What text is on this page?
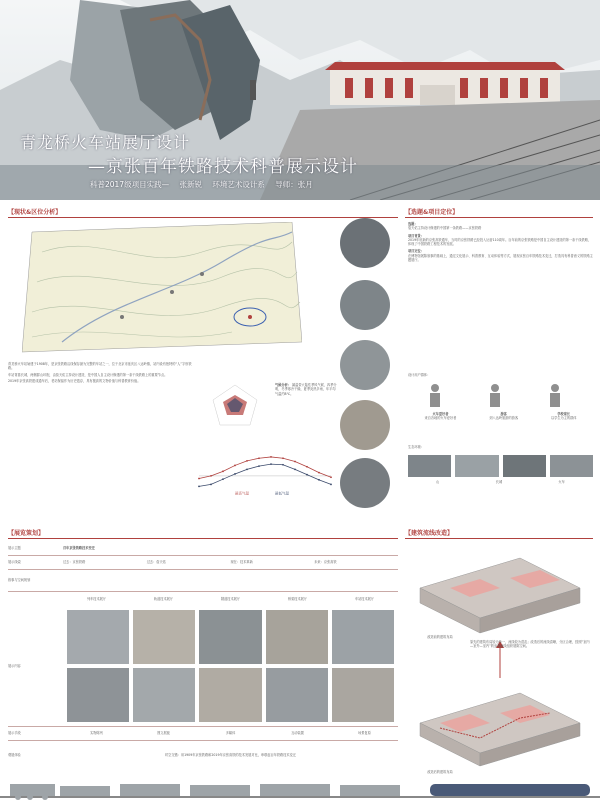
青龙桥火车站展厅设计
—京张百年铁路技术科普展示设计
科普2017级项目实践— 张新锐 环境艺术设计系 导师：张月
【现状&区位分析】	【选题&项目定位】

青龙桥火车站始建于1908年，是京张铁路沿线保存最为完整的车站之一，位于北京市延庆区八达岭镇，站内设有独特的“人”字形铁路。

车站背靠长城，两侧群山环抱，由詹天佑主持设计建造，是中国人自主设计修建的第一条干线铁路上的重要节点。

2019年京张高铁建成通车后，老站保留作为历史遗存，具有极高的文物价值与科普教育价值。

气候分析： 属温带大陆性季风气候，四季分明，冬季寒冷干燥，夏季炎热多雨，年平均气温约8℃。
最高气温	最低气温

选题：

詹天佑主持设计修建的中国第一条铁路——京张铁路

项目背景：

2019年底新的京张高铁通车，当时的京张铁路已经投入运营110周年。百年前的京张铁路是中国自主设计建造的第一条干线铁路，体现了中国铁路工程技术的发展。

项目定位：

在博物馆展陈叙事的基础上，通过文化展示、科普教育、互动体验等方式，展现京张百年铁路技术变迁，打造具有科普意义的铁路主题展厅。

设计用户群体：
火车爱好者
来自各地的火车爱好者
游客
到八达岭旅游的游客
学校家长
以学生为主的群体
生态环境：
山	长城	火车
【展览策划】
展示主题	百年京张铁路技术变迁
展示线索	过去：京张铁路	过去：詹天佑	现在：技术革新	未来：京张高铁
叙事与空间规划
列车技术展厅	轨道技术展厅	隧道技术展厅	桥梁技术展厅	车站技术展厅
展示内容
展示手段	实物陈列	图文展板	多媒体	互动装置	场景复原
观展体验	时空交错：用1909年京张铁路和2019年京张高铁的技术发展对比，串联起百年铁路技术变迁
【建筑流线改造】
改造前的建筑布局
原先的建筑布局较为单一，流线较为混乱；改造后的流线清晰，分区合理，按照“室内—室外—室内”的参观流线组织展陈空间。
改造后的建筑布局
